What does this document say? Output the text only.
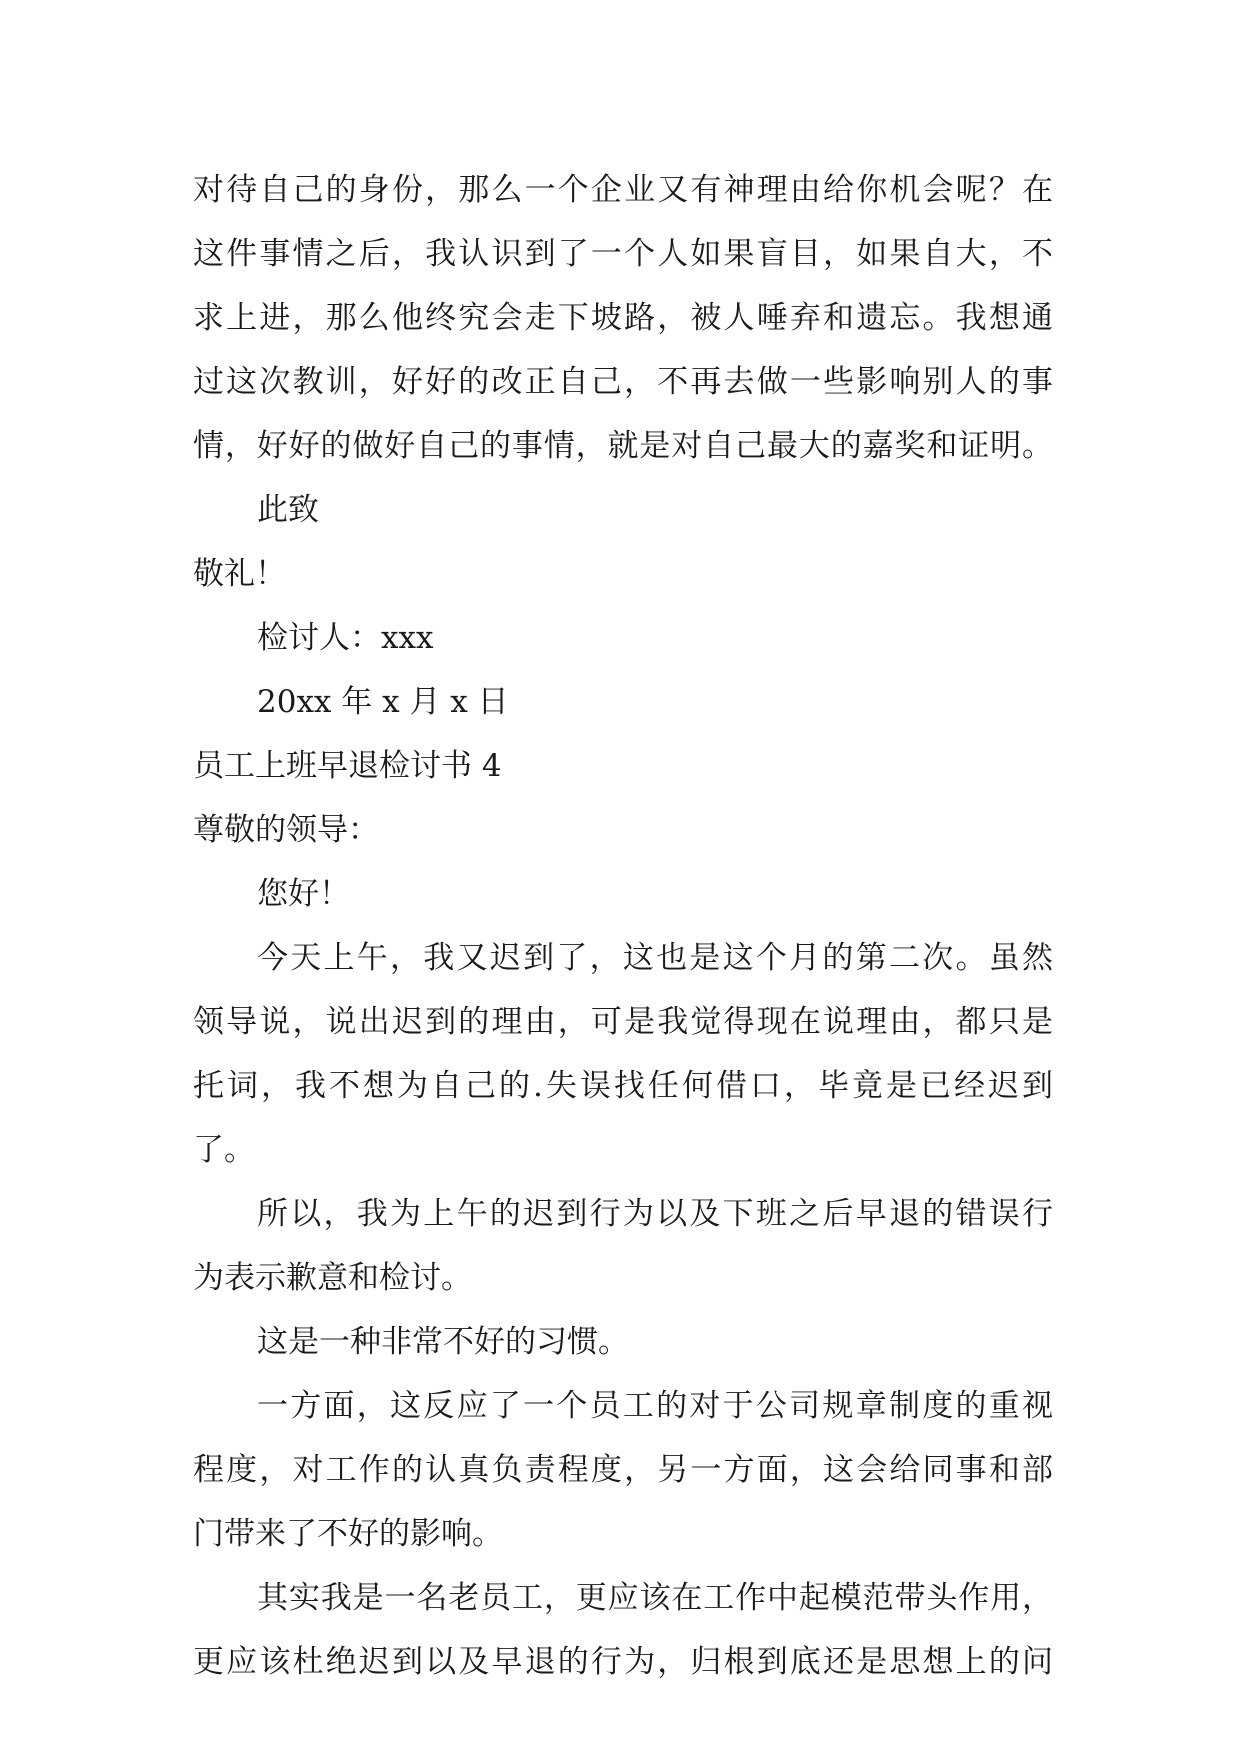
对待自己的身份，那么一个企业又有神理由给你机会呢？在
这件事情之后，我认识到了一个人如果盲目，如果自大，不
求上进，那么他终究会走下坡路，被人唾弃和遗忘。我想通
过这次教训，好好的改正自己，不再去做一些影响别人的事
情，好好的做好自己的事情，就是对自己最大的嘉奖和证明。
此致
敬礼！
检讨人：xxx
20xx 年 x 月 x 日
员工上班早退检讨书 4
尊敬的领导：
您好！
今天上午，我又迟到了，这也是这个月的第二次。虽然
领导说，说出迟到的理由，可是我觉得现在说理由，都只是
托词，我不想为自己的.失误找任何借口，毕竟是已经迟到
了。
所以，我为上午的迟到行为以及下班之后早退的错误行
为表示歉意和检讨。
这是一种非常不好的习惯。
一方面，这反应了一个员工的对于公司规章制度的重视
程度，对工作的认真负责程度，另一方面，这会给同事和部
门带来了不好的影响。
其实我是一名老员工，更应该在工作中起模范带头作用，
更应该杜绝迟到以及早退的行为，归根到底还是思想上的问
